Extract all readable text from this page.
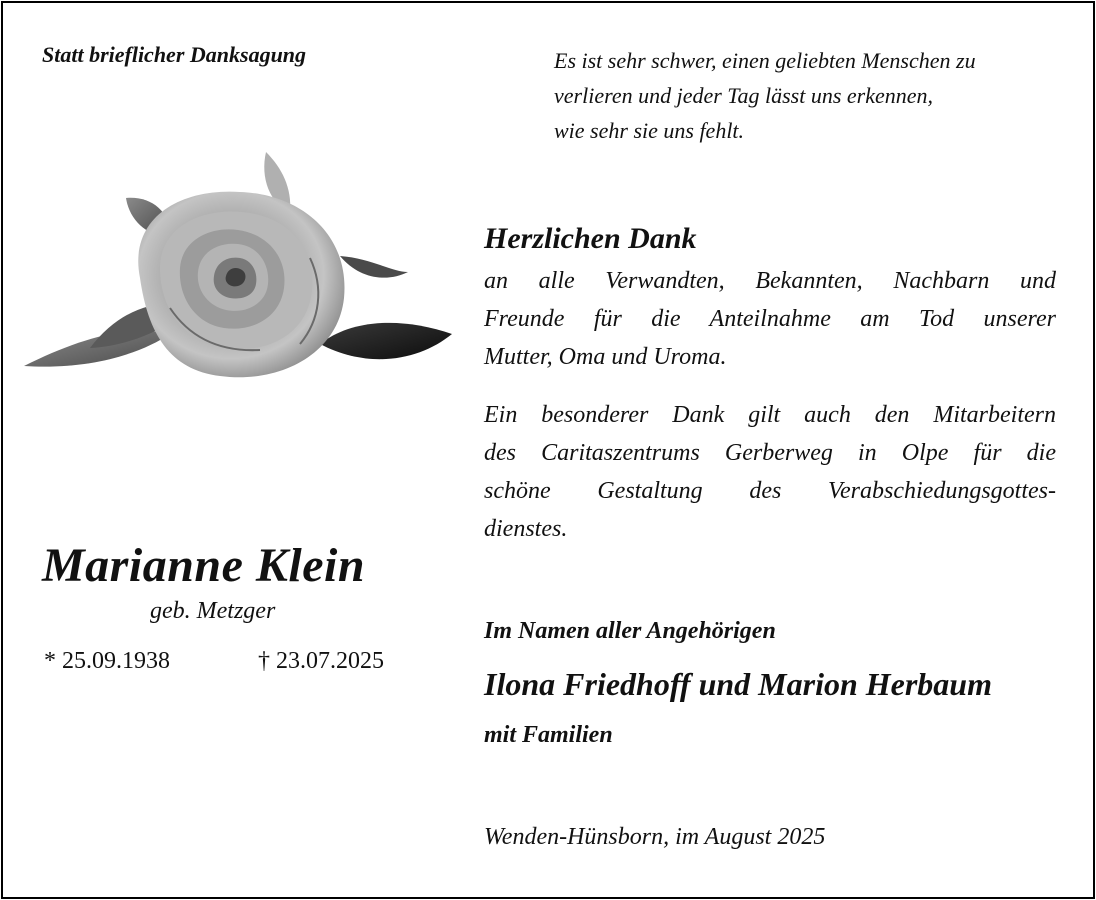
Statt brieflicher Danksagung	Es ist sehr schwer, einen geliebten Menschen zu
verlieren und jeder Tag lässt uns erkennen,
wie sehr sie uns fehlt.
Herzlichen Dank
an alle Verwandten, Bekannten, Nachbarn und
Freunde für die Anteilnahme am Tod unserer
Mutter, Oma und Uroma.
Ein besonderer Dank gilt auch den Mitarbeitern
des Caritaszentrums Gerberweg in Olpe für die
schöne Gestaltung des Verabschiedungsgottes-
dienstes.
Marianne Klein
geb. Metzger
* 25.09.1938	† 23.07.2025
Im Namen aller Angehörigen
Ilona Friedhoff und Marion Herbaum
mit Familien
Wenden-Hünsborn, im August 2025
